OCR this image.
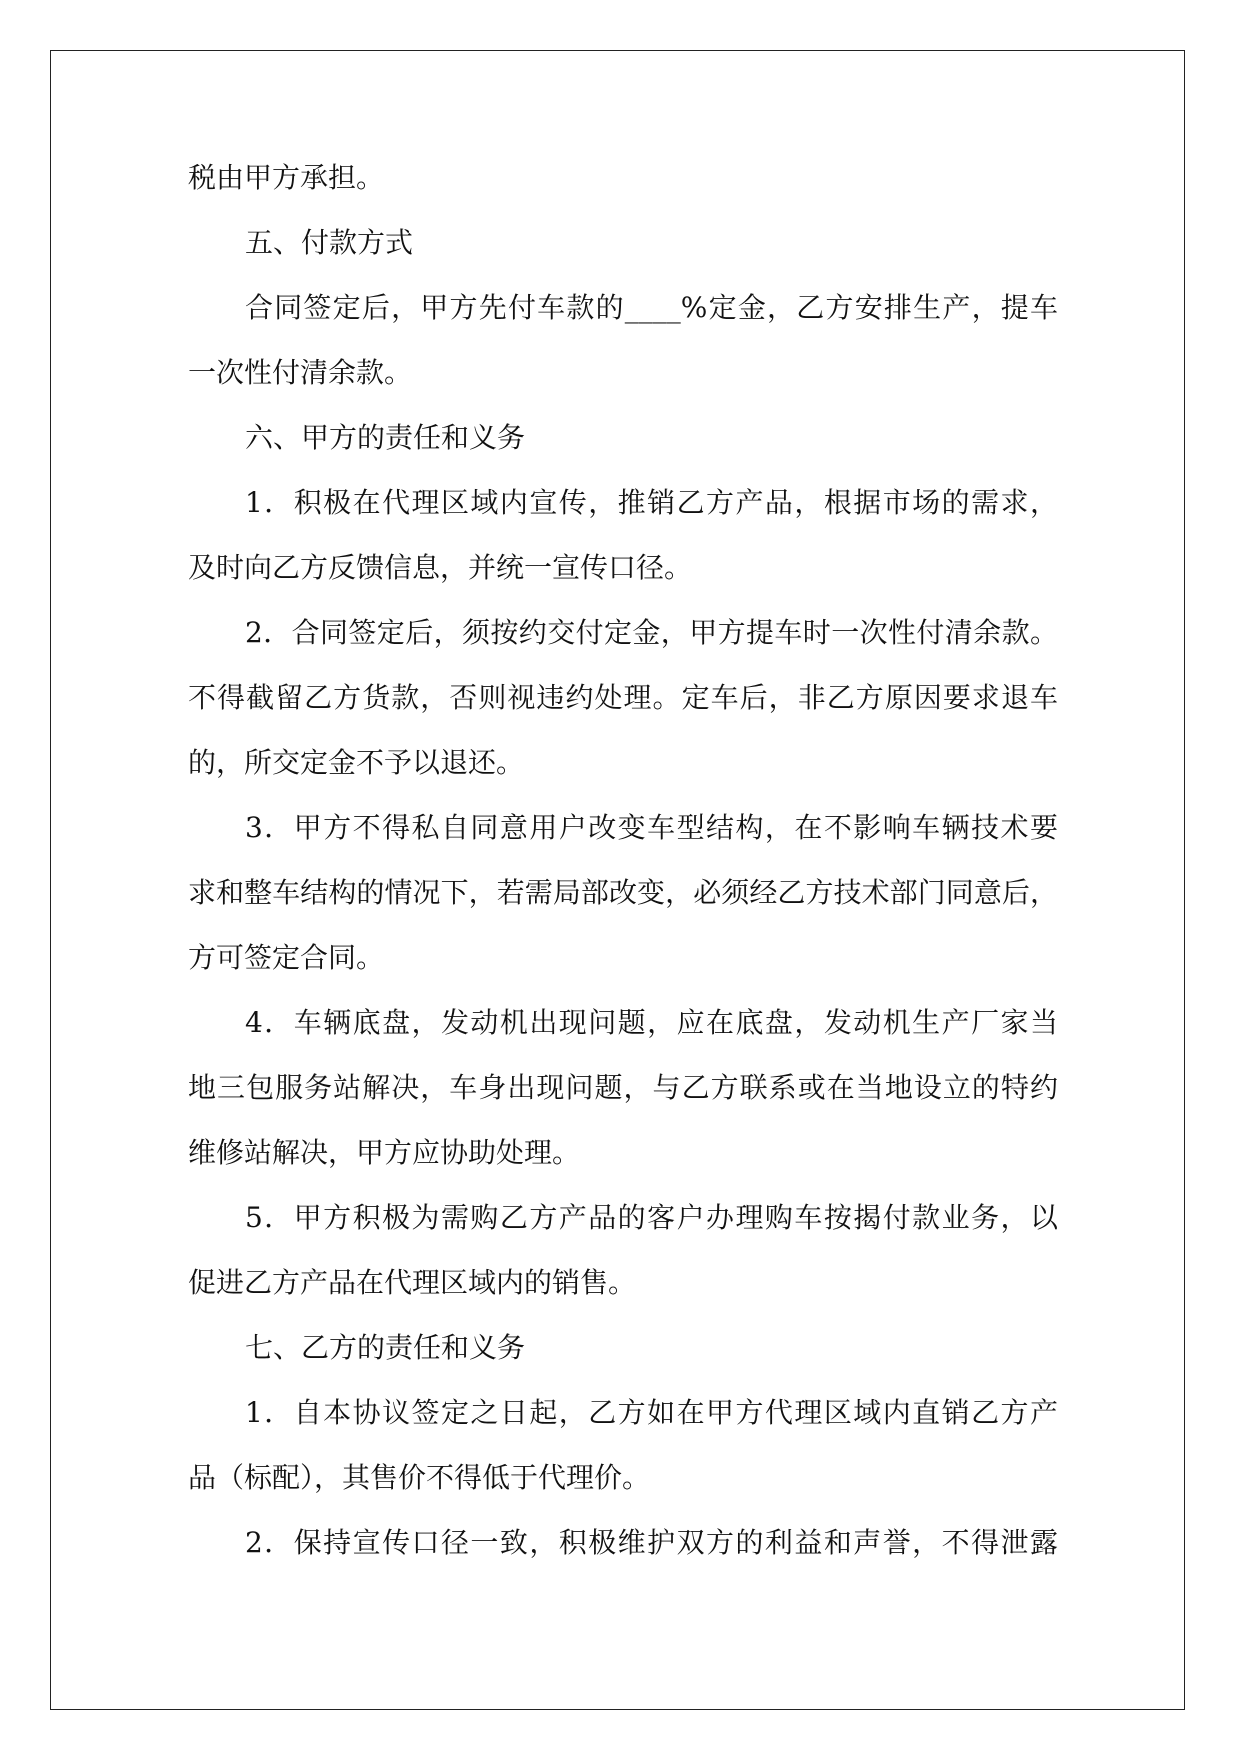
税由甲方承担。
五、付款方式
合同签定后，甲方先付车款的____%定金，乙方安排生产，提车
一次性付清余款。
六、甲方的责任和义务
1．积极在代理区域内宣传，推销乙方产品，根据市场的需求，
及时向乙方反馈信息，并统一宣传口径。
2．合同签定后，须按约交付定金，甲方提车时一次性付清余款。
不得截留乙方货款，否则视违约处理。定车后，非乙方原因要求退车
的，所交定金不予以退还。
3．甲方不得私自同意用户改变车型结构，在不影响车辆技术要
求和整车结构的情况下，若需局部改变，必须经乙方技术部门同意后，
方可签定合同。
4．车辆底盘，发动机出现问题，应在底盘，发动机生产厂家当
地三包服务站解决，车身出现问题，与乙方联系或在当地设立的特约
维修站解决，甲方应协助处理。
5．甲方积极为需购乙方产品的客户办理购车按揭付款业务，以
促进乙方产品在代理区域内的销售。
七、乙方的责任和义务
1．自本协议签定之日起，乙方如在甲方代理区域内直销乙方产
品（标配），其售价不得低于代理价。
2．保持宣传口径一致，积极维护双方的利益和声誉，不得泄露
